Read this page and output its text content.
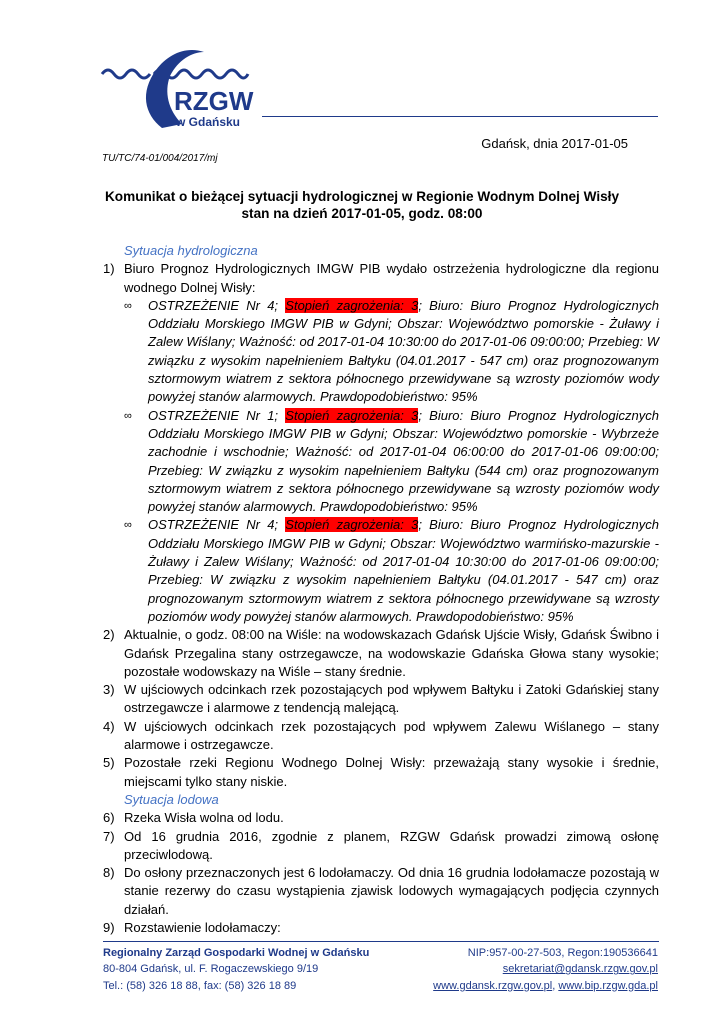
RZGW
w Gdańsku
Gdańsk, dnia 2017-01-05
TU/TC/74-01/004/2017/mj
Komunikat o bieżącej sytuacji hydrologicznej w Regionie Wodnym Dolnej Wisły
stan na dzień 2017-01-05, godz. 08:00
Sytuacja hydrologiczna
1) Biuro Prognoz Hydrologicznych IMGW PIB wydało ostrzeżenia hydrologiczne dla regionu wodnego Dolnej Wisły:
∞	OSTRZEŻENIE Nr 4; Stopień zagrożenia: 3; Biuro: Biuro Prognoz Hydrologicznych Oddziału Morskiego IMGW PIB w Gdyni; Obszar: Województwo pomorskie - Żuławy i Zalew Wiślany; Ważność: od 2017-01-04 10:30:00 do 2017-01-06 09:00:00; Przebieg: W związku z wysokim napełnieniem Bałtyku (04.01.2017 - 547 cm) oraz prognozowanym sztormowym wiatrem z sektora północnego przewidywane są wzrosty poziomów wody powyżej stanów alarmowych. Prawdopodobieństwo: 95%
∞	OSTRZEŻENIE Nr 1; Stopień zagrożenia: 3; Biuro: Biuro Prognoz Hydrologicznych Oddziału Morskiego IMGW PIB w Gdyni; Obszar: Województwo pomorskie - Wybrzeże zachodnie i wschodnie; Ważność: od 2017-01-04 06:00:00 do 2017-01-06 09:00:00; Przebieg: W związku z wysokim napełnieniem Bałtyku (544 cm) oraz prognozowanym sztormowym wiatrem z sektora północnego przewidywane są wzrosty poziomów wody powyżej stanów alarmowych. Prawdopodobieństwo: 95%
∞	OSTRZEŻENIE Nr 4; Stopień zagrożenia: 3; Biuro: Biuro Prognoz Hydrologicznych Oddziału Morskiego IMGW PIB w Gdyni; Obszar: Województwo warmińsko-mazurskie - Żuławy i Zalew Wiślany; Ważność: od 2017-01-04 10:30:00 do 2017-01-06 09:00:00; Przebieg: W związku z wysokim napełnieniem Bałtyku (04.01.2017 - 547 cm) oraz prognozowanym sztormowym wiatrem z sektora północnego przewidywane są wzrosty poziomów wody powyżej stanów alarmowych. Prawdopodobieństwo: 95%
2) Aktualnie, o godz. 08:00 na Wiśle: na wodowskazach Gdańsk Ujście Wisły, Gdańsk Świbno i Gdańsk Przegalina stany ostrzegawcze, na wodowskazie Gdańska Głowa stany wysokie; pozostałe wodowskazy na Wiśle – stany średnie.
3) W ujściowych odcinkach rzek pozostających pod wpływem Bałtyku i Zatoki Gdańskiej stany ostrzegawcze i alarmowe z tendencją malejącą.
4) W ujściowych odcinkach rzek pozostających pod wpływem Zalewu Wiślanego – stany alarmowe i ostrzegawcze.
5) Pozostałe rzeki Regionu Wodnego Dolnej Wisły: przeważają stany wysokie i średnie, miejscami tylko stany niskie.
Sytuacja lodowa
6) Rzeka Wisła wolna od lodu.
7) Od 16 grudnia 2016, zgodnie z planem, RZGW Gdańsk prowadzi zimową osłonę przeciwlodową.
8) Do osłony przeznaczonych jest 6 lodołamaczy. Od dnia 16 grudnia lodołamacze pozostają w stanie rezerwy do czasu wystąpienia zjawisk lodowych wymagających podjęcia czynnych działań.
9) Rozstawienie lodołamaczy:
Regionalny Zarząd Gospodarki Wodnej w Gdańsku
80-804 Gdańsk, ul. F. Rogaczewskiego 9/19
Tel.: (58) 326 18 88, fax: (58) 326 18 89
NIP:957-00-27-503, Regon:190536641
sekretariat@gdansk.rzgw.gov.pl
www.gdansk.rzgw.gov.pl, www.bip.rzgw.gda.pl
